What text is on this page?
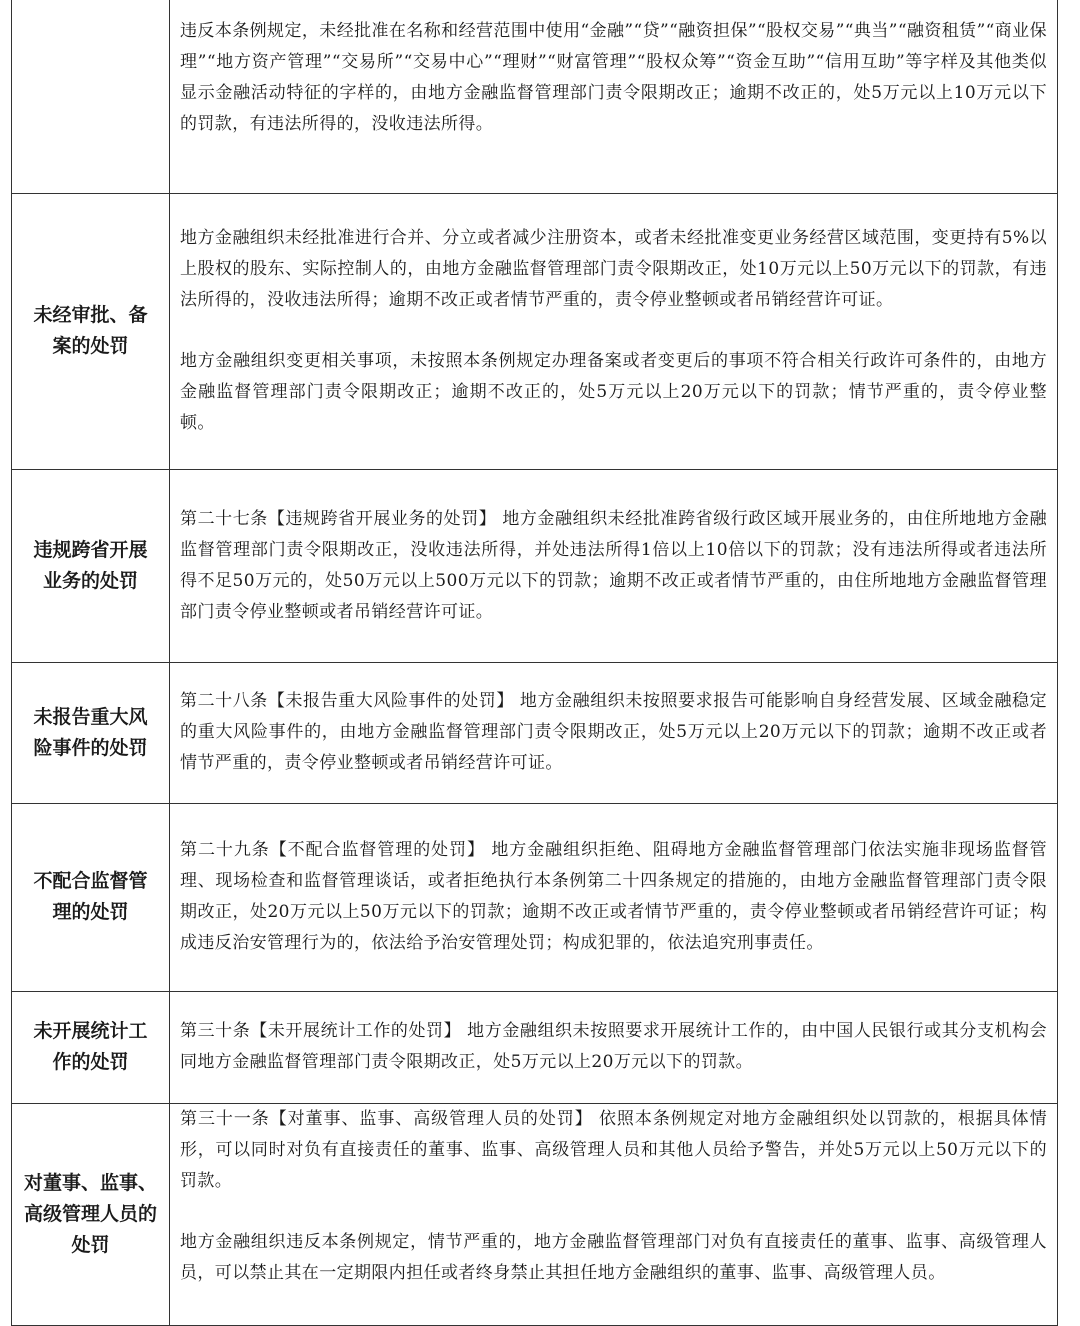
	违反本条例规定，未经批准在名称和经营范围中使用“金融”“贷”“融资担保”“股权交易”“典当”“融资租赁”“商业保理”“地方资产管理”“交易所”“交易中心”“理财”“财富管理”“股权众筹”“资金互助”“信用互助”等字样及其他类似显示金融活动特征的字样的，由地方金融监督管理部门责令限期改正；逾期不改正的，处5万元以上10万元以下的罚款，有违法所得的，没收违法所得。

未经审批、备案的处罚	地方金融组织未经批准进行合并、分立或者减少注册资本，或者未经批准变更业务经营区域范围，变更持有5%以上股权的股东、实际控制人的，由地方金融监督管理部门责令限期改正，处10万元以上50万元以下的罚款，有违法所得的，没收违法所得；逾期不改正或者情节严重的，责令停业整顿或者吊销经营许可证。

地方金融组织变更相关事项，未按照本条例规定办理备案或者变更后的事项不符合相关行政许可条件的，由地方金融监督管理部门责令限期改正；逾期不改正的，处5万元以上20万元以下的罚款；情节严重的，责令停业整顿。

违规跨省开展业务的处罚	第二十七条【违规跨省开展业务的处罚】 地方金融组织未经批准跨省级行政区域开展业务的，由住所地地方金融监督管理部门责令限期改正，没收违法所得，并处违法所得1倍以上10倍以下的罚款；没有违法所得或者违法所得不足50万元的，处50万元以上500万元以下的罚款；逾期不改正或者情节严重的，由住所地地方金融监督管理部门责令停业整顿或者吊销经营许可证。

未报告重大风险事件的处罚	第二十八条【未报告重大风险事件的处罚】 地方金融组织未按照要求报告可能影响自身经营发展、区域金融稳定的重大风险事件的，由地方金融监督管理部门责令限期改正，处5万元以上20万元以下的罚款；逾期不改正或者情节严重的，责令停业整顿或者吊销经营许可证。

不配合监督管理的处罚	第二十九条【不配合监督管理的处罚】 地方金融组织拒绝、阻碍地方金融监督管理部门依法实施非现场监督管理、现场检查和监督管理谈话，或者拒绝执行本条例第二十四条规定的措施的，由地方金融监督管理部门责令限期改正，处20万元以上50万元以下的罚款；逾期不改正或者情节严重的，责令停业整顿或者吊销经营许可证；构成违反治安管理行为的，依法给予治安管理处罚；构成犯罪的，依法追究刑事责任。

未开展统计工作的处罚	第三十条【未开展统计工作的处罚】 地方金融组织未按照要求开展统计工作的，由中国人民银行或其分支机构会同地方金融监督管理部门责令限期改正，处5万元以上20万元以下的罚款。

对董事、监事、高级管理人员的处罚	第三十一条【对董事、监事、高级管理人员的处罚】 依照本条例规定对地方金融组织处以罚款的，根据具体情形，可以同时对负有直接责任的董事、监事、高级管理人员和其他人员给予警告，并处5万元以上50万元以下的罚款。

地方金融组织违反本条例规定，情节严重的，地方金融监督管理部门对负有直接责任的董事、监事、高级管理人员，可以禁止其在一定期限内担任或者终身禁止其担任地方金融组织的董事、监事、高级管理人员。
